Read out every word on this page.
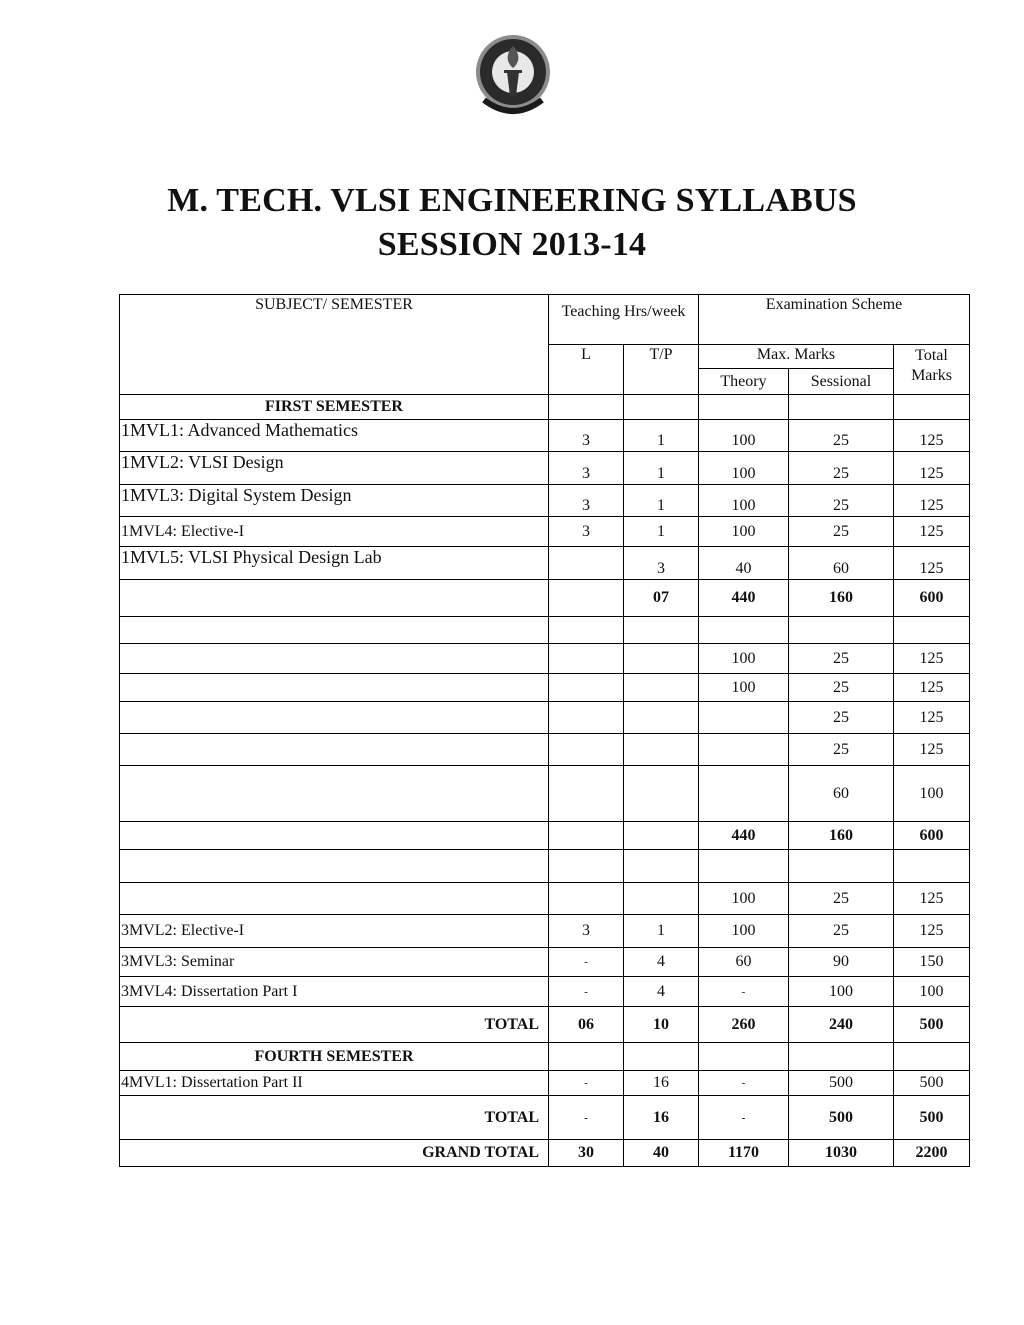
M. TECH. VLSI ENGINEERING SYLLABUS
SESSION 2013-14
SUBJECT/ SEMESTER	Teaching Hrs/week		Examination Scheme		
	L	T/P	Max. Marks		Total Marks
			Theory	Sessional	
FIRST SEMESTER					
1MVL1: Advanced Mathematics	3	1	100	25	125
1MVL2: VLSI Design	3	1	100	25	125
1MVL3: Digital System Design	3	1	100	25	125
1MVL4: Elective-I	3	1	100	25	125
1MVL5: VLSI Physical Design Lab		3	40	60	125
		07	440	160	600

			100	25	125
			100	25	125
				25	125
				25	125
				60	100
			440	160	600

			100	25	125
3MVL2: Elective-I	3	1	100	25	125
3MVL3: Seminar	-	4	60	90	150
3MVL4: Dissertation Part I	-	4	-	100	100
TOTAL	06	10	260	240	500
FOURTH SEMESTER					
4MVL1: Dissertation Part II	-	16	-	500	500
TOTAL	-	16	-	500	500
GRAND TOTAL	30	40	1170	1030	2200
